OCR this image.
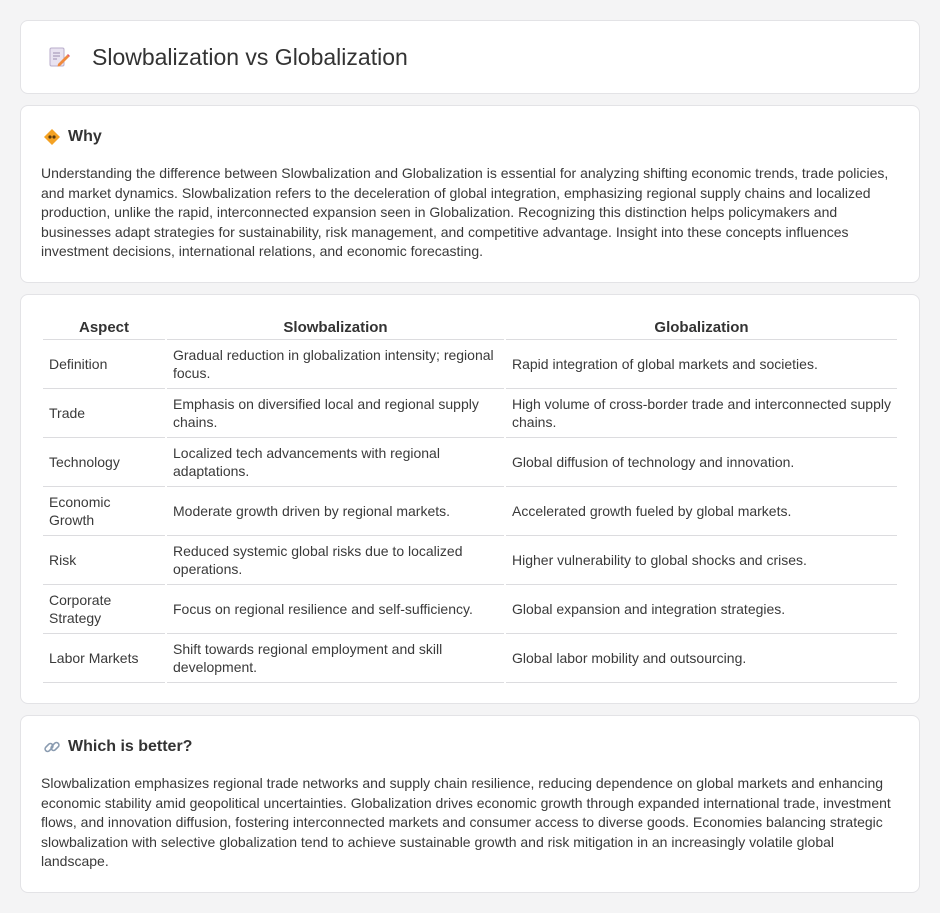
Slowbalization vs Globalization
Why

Understanding the difference between Slowbalization and Globalization is essential for analyzing shifting economic trends, trade policies, and market dynamics. Slowbalization refers to the deceleration of global integration, emphasizing regional supply chains and localized production, unlike the rapid, interconnected expansion seen in Globalization. Recognizing this distinction helps policymakers and businesses adapt strategies for sustainability, risk management, and competitive advantage. Insight into these concepts influences investment decisions, international relations, and economic forecasting.

Aspect	Slowbalization	Globalization
Definition	Gradual reduction in globalization intensity; regional focus.	Rapid integration of global markets and societies.
Trade	Emphasis on diversified local and regional supply chains.	High volume of cross-border trade and interconnected supply chains.
Technology	Localized tech advancements with regional adaptations.	Global diffusion of technology and innovation.
Economic Growth	Moderate growth driven by regional markets.	Accelerated growth fueled by global markets.
Risk	Reduced systemic global risks due to localized operations.	Higher vulnerability to global shocks and crises.
Corporate Strategy	Focus on regional resilience and self-sufficiency.	Global expansion and integration strategies.
Labor Markets	Shift towards regional employment and skill development.	Global labor mobility and outsourcing.
Which is better?

Slowbalization emphasizes regional trade networks and supply chain resilience, reducing dependence on global markets and enhancing economic stability amid geopolitical uncertainties. Globalization drives economic growth through expanded international trade, investment flows, and innovation diffusion, fostering interconnected markets and consumer access to diverse goods. Economies balancing strategic slowbalization with selective globalization tend to achieve sustainable growth and risk mitigation in an increasingly volatile global landscape.
